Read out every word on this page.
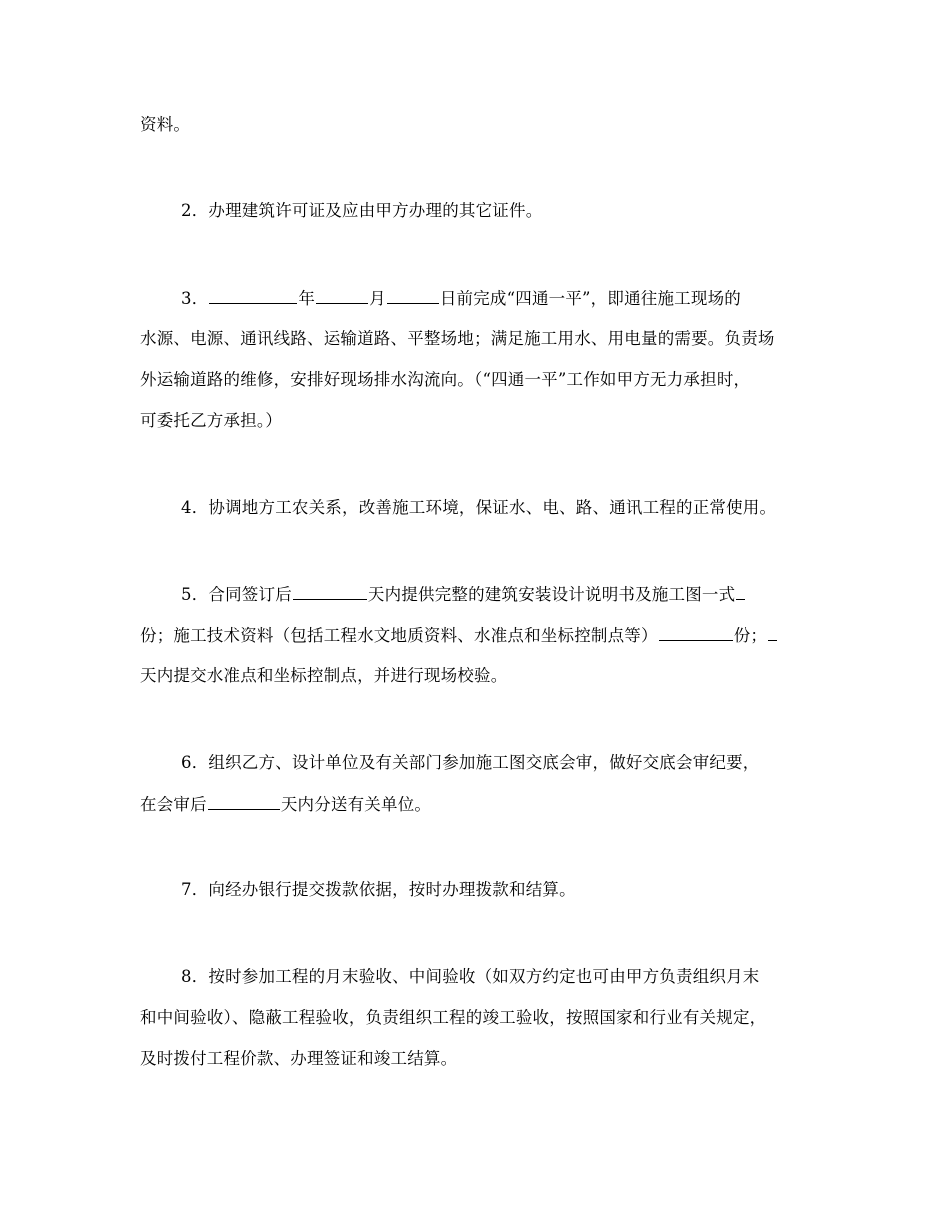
资料。
2．办理建筑许可证及应由甲方办理的其它证件。
3．	年	月	日前完成“四通一平”，即通往施工现场的
水源、电源、通讯线路、运输道路、平整场地；满足施工用水、用电量的需要。负责场
外运输道路的维修，安排好现场排水沟流向。（“四通一平”工作如甲方无力承担时，
可委托乙方承担。）
4．协调地方工农关系，改善施工环境，保证水、电、路、通讯工程的正常使用。
5．合同签订后	天内提供完整的建筑安装设计说明书及施工图一式
份；施工技术资料（包括工程水文地质资料、水准点和坐标控制点等）	份；
天内提交水准点和坐标控制点，并进行现场校验。
6．组织乙方、设计单位及有关部门参加施工图交底会审，做好交底会审纪要，
在会审后	天内分送有关单位。
7．向经办银行提交拨款依据，按时办理拨款和结算。
8．按时参加工程的月末验收、中间验收（如双方约定也可由甲方负责组织月末
和中间验收）、隐蔽工程验收，负责组织工程的竣工验收，按照国家和行业有关规定，
及时拨付工程价款、办理签证和竣工结算。
